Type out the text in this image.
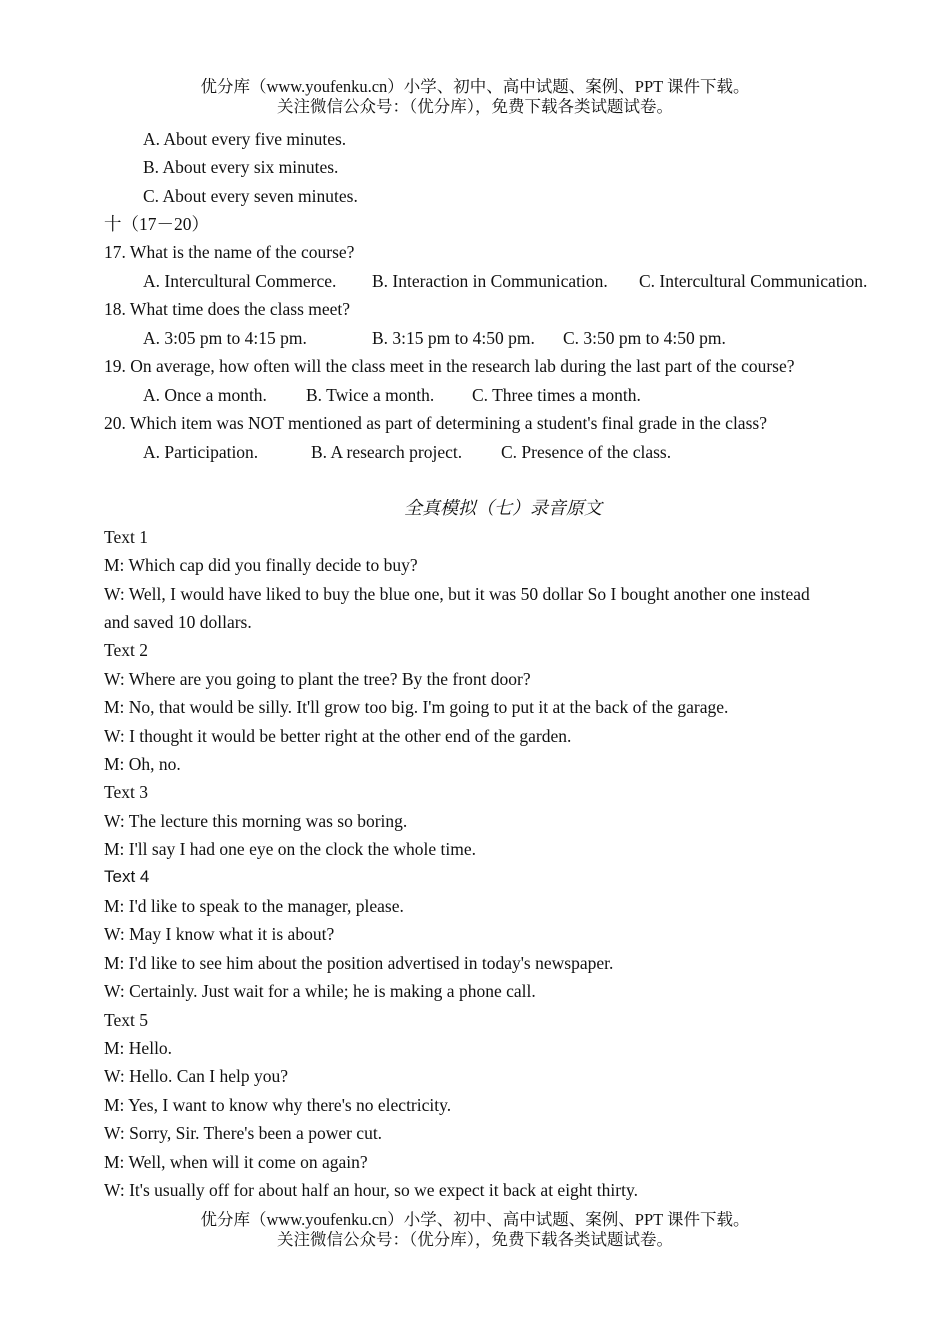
优分库（www.youfenku.cn）小学、初中、高中试题、案例、PPT 课件下载。
关注微信公众号：（优分库），免费下载各类试题试卷。
A. About every five minutes.
B. About every six minutes.
C. About every seven minutes.
十（17－20）
17. What is the name of the course?
A. Intercultural Commerce. B. Interaction in Communication. C. Intercultural Communication.
18. What time does the class meet?
A. 3:05 pm to 4:15 pm.	B. 3:15 pm to 4:50 pm. C. 3:50 pm to 4:50 pm.
19. On average, how often will the class meet in the research lab during the last part of the course?
A. Once a month. B. Twice a month. C. Three times a month.
20. Which item was NOT mentioned as part of determining a student's final grade in the class?
A. Participation.	B. A research project. C. Presence of the class.
全真模拟（七）录音原文
Text 1
M: Which cap did you finally decide to buy?
W: Well, I would have liked to buy the blue one, but it was 50 dollar So I bought another one instead
and saved 10 dollars.
Text 2
W: Where are you going to plant the tree? By the front door?
M: No, that would be silly. It'll grow too big. I'm going to put it at the back of the garage.
W: I thought it would be better right at the other end of the garden.
M: Oh, no.
Text 3
W: The lecture this morning was so boring.
M: I'll say I had one eye on the clock the whole time.
Text 4
M: I'd like to speak to the manager, please.
W: May I know what it is about?
M: I'd like to see him about the position advertised in today's newspaper.
W: Certainly. Just wait for a while; he is making a phone call.
Text 5
M: Hello.
W: Hello. Can I help you?
M: Yes, I want to know why there's no electricity.
W: Sorry, Sir. There's been a power cut.
M: Well, when will it come on again?
W: It's usually off for about half an hour, so we expect it back at eight thirty.
优分库（www.youfenku.cn）小学、初中、高中试题、案例、PPT 课件下载。
关注微信公众号：（优分库），免费下载各类试题试卷。
